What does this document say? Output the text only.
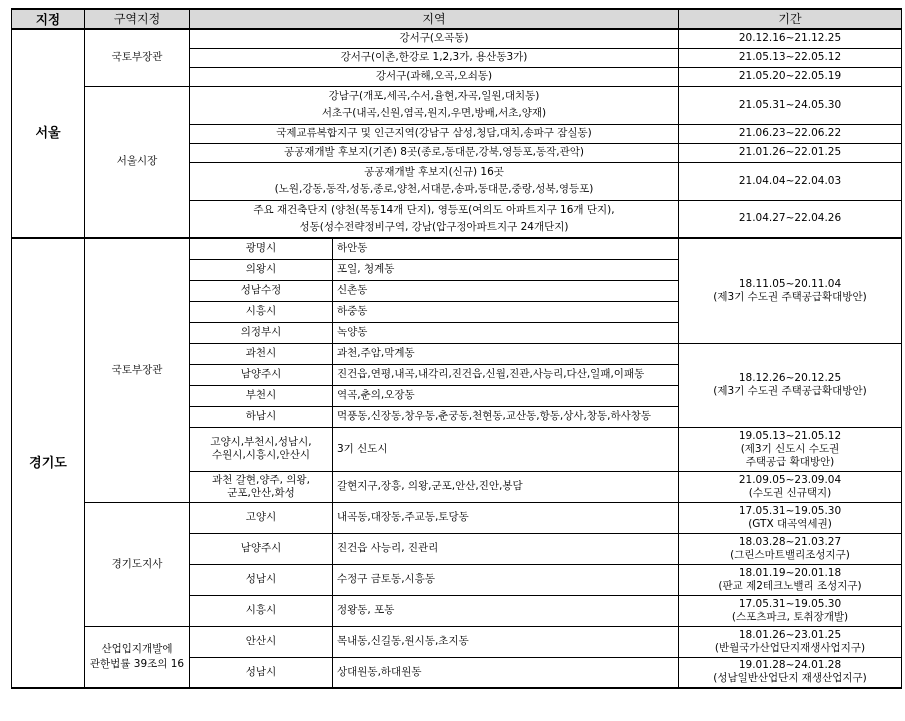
지정	구역지정	지역		기간
서울	국토부장관	강서구(오곡동)		20.12.16~21.12.25
		강서구(이촌,한강로 1,2,3가, 용산동3가)		21.05.13~22.05.12
		강서구(과해,오곡,오쇠동)		21.05.20~22.05.19
	서울시장	강남구(개포,세곡,수서,율현,자곡,일원,대치동)
서초구(내곡,신원,염곡,원지,우면,방배,서초,양재)		21.05.31~24.05.30
		국제교류복합지구 및 인근지역(강남구 삼성,청담,대치,송파구 잠실동)		21.06.23~22.06.22
		공공재개발 후보지(기존) 8곳(종로,동대문,강북,영등포,동작,관악)		21.01.26~22.01.25
		공공재개발 후보지(신규) 16곳
(노원,강동,동작,성동,종로,양천,서대문,송파,동대문,중랑,성북,영등포)		21.04.04~22.04.03
		주요 재건축단지 (양천(목동14개 단지), 영등포(여의도 아파트지구 16개 단지),
성동(성수전략정비구역, 강남(압구정아파트지구 24개단지)		21.04.27~22.04.26
경기도	국토부장관	광명시	하안동	18.11.05~20.11.04
(제3기 수도권 주택공급확대방안)
		의왕시	포일, 청계동	
		성남수정	신촌동	
		시흥시	하중동	
		의정부시	녹양동	
		과천시	과천,주암,막계동	18.12.26~20.12.25
(제3기 수도권 주택공급확대방안)
		남양주시	진건읍,연평,내곡,내각리,진건읍,신월,진관,사능리,다산,일패,이패동	
		부천시	역곡,춘의,오장동	
		하남시	먹풍동,신장동,창우동,춘궁동,천현동,교산동,항동,상사,창동,하사창동	
		고양시,부천시,성남시,
수원시,시흥시,안산시	3기 신도시	19.05.13~21.05.12
(제3기 신도시 수도권
주택공급 확대방안)
		과천 갈현,양주, 의왕,
군포,안산,화성	갈현지구,장흥, 의왕,군포,안산,진안,봉담	21.09.05~23.09.04
(수도권 신규택지)
	경기도지사	고양시	내곡동,대장동,주교동,토당동	17.05.31~19.05.30
(GTX 대곡역세권)
		남양주시	진건읍 사능리, 진관리	18.03.28~21.03.27
(그린스마트밸리조성지구)
		성남시	수정구 금토동,시흥동	18.01.19~20.01.18
(판교 제2테크노밸리 조성지구)
		시흥시	정왕동, 포동	17.05.31~19.05.30
(스포츠파크, 토취장개발)
	산업입지개발에
관한법률 39조의 16	안산시	목내동,신길동,원시동,초지동	18.01.26~23.01.25
(반월국가산업단지재생사업지구)
		성남시	상대원동,하대원동	19.01.28~24.01.28
(성남일반산업단지 재생산업지구)
